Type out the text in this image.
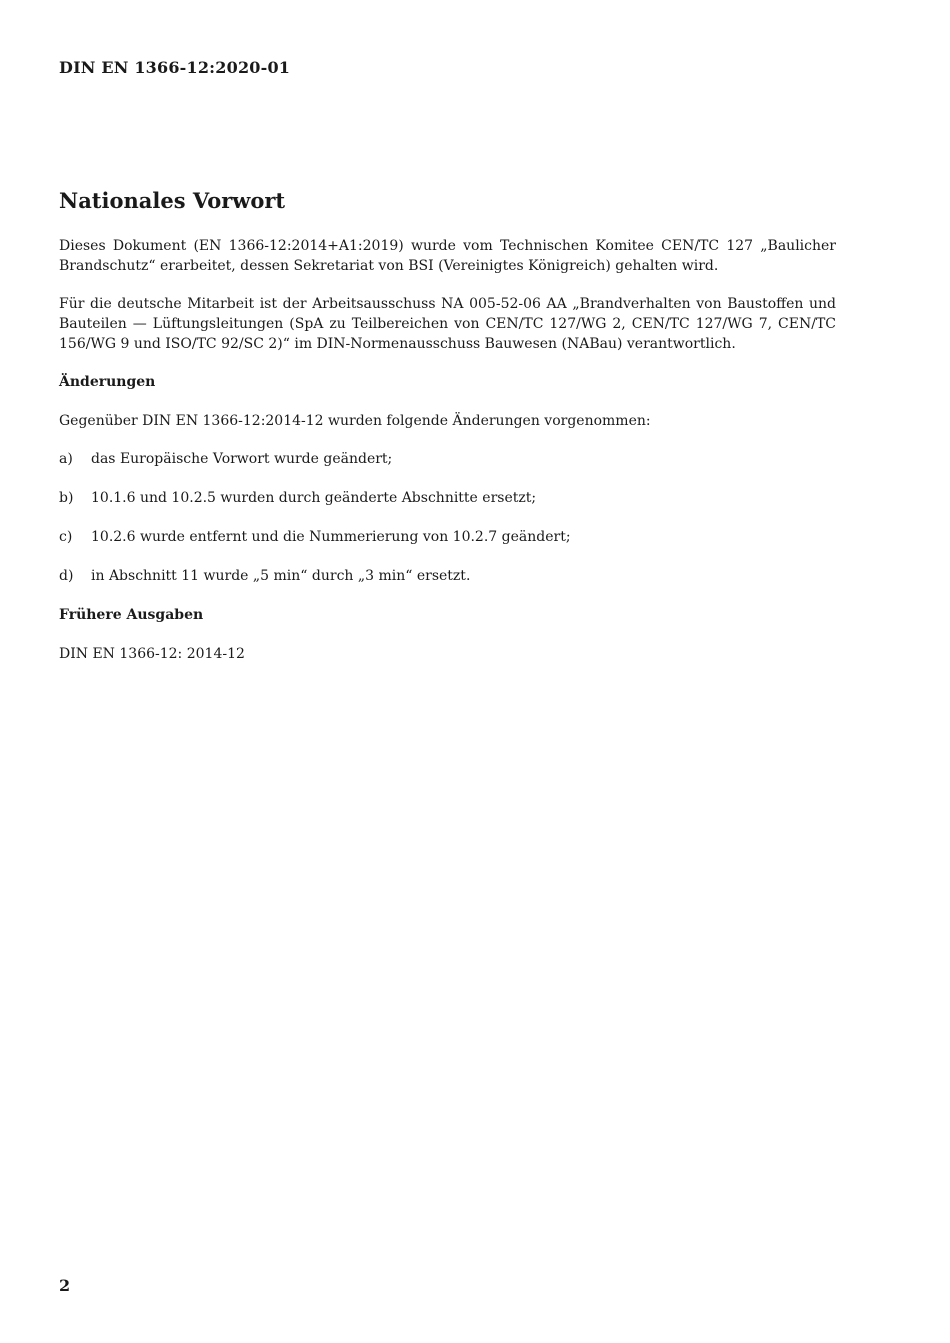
DIN EN 1366-12:2020-01
Nationales Vorwort

Dieses Dokument (EN 1366-12:2014+A1:2019) wurde vom Technischen Komitee CEN/TC 127 „Baulicher Brandschutz“ erarbeitet, dessen Sekretariat von BSI (Vereinigtes Königreich) gehalten wird.

Für die deutsche Mitarbeit ist der Arbeitsausschuss NA 005-52-06 AA „Brandverhalten von Baustoffen und Bauteilen — Lüftungsleitungen (SpA zu Teilbereichen von CEN/TC 127/WG 2, CEN/TC 127/WG 7, CEN/TC 156/WG 9 und ISO/TC 92/SC 2)“ im DIN-Normenausschuss Bauwesen (NABau) verantwortlich.

Änderungen

Gegenüber DIN EN 1366-12:2014-12 wurden folgende Änderungen vorgenommen:

a)	das Europäische Vorwort wurde geändert;
b)	10.1.6 und 10.2.5 wurden durch geänderte Abschnitte ersetzt;
c)	10.2.6 wurde entfernt und die Nummerierung von 10.2.7 geändert;
d)	in Abschnitt 11 wurde „5 min“ durch „3 min“ ersetzt.
Frühere Ausgaben

DIN EN 1366-12: 2014-12

2
